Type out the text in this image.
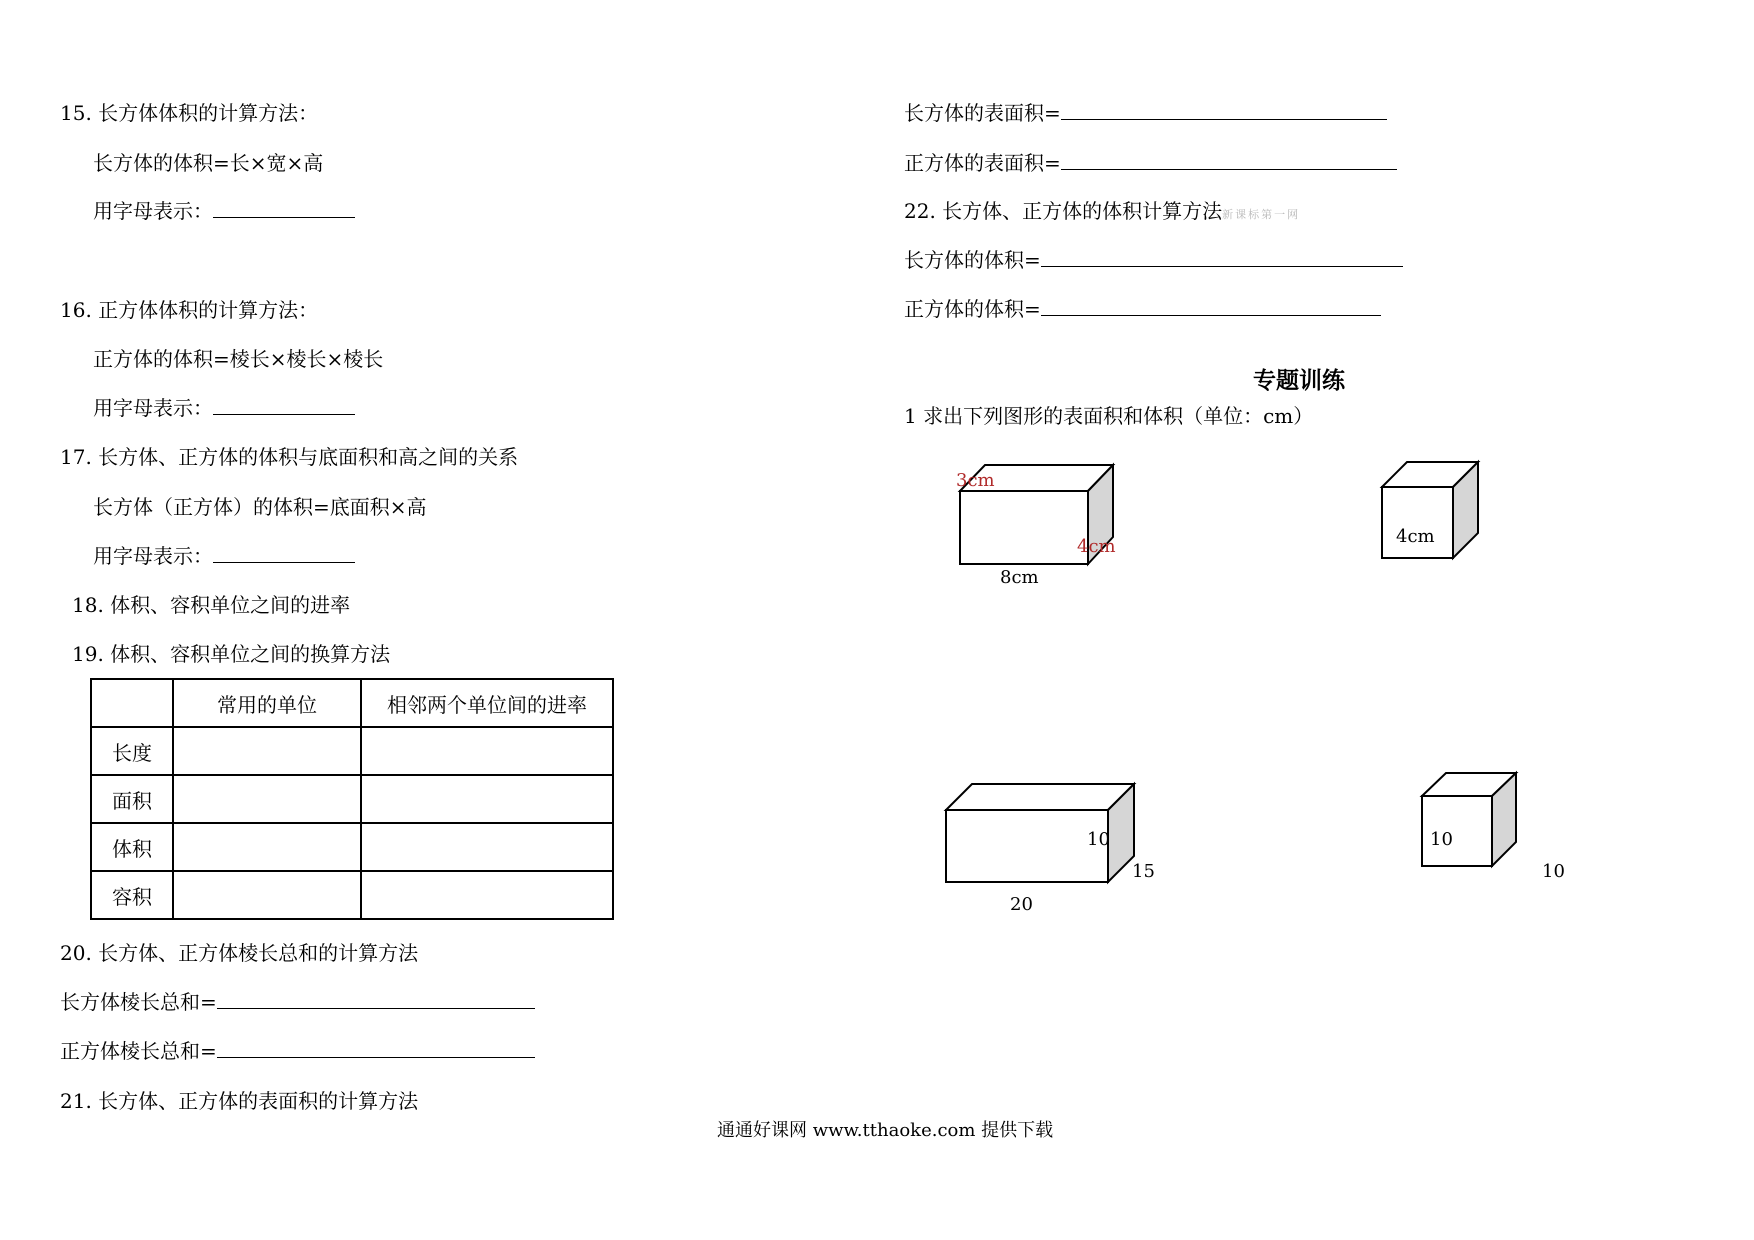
15. 长方体体积的计算方法：
长方体的体积=长×宽×高
用字母表示：
16. 正方体体积的计算方法：
正方体的体积=棱长×棱长×棱长
用字母表示：
17. 长方体、正方体的体积与底面积和高之间的关系
长方体（正方体）的体积=底面积×高
用字母表示：
18. 体积、容积单位之间的进率
19. 体积、容积单位之间的换算方法
	常用的单位	相邻两个单位间的进率
长度		
面积		
体积		
容积		
20. 长方体、正方体棱长总和的计算方法
长方体棱长总和=
正方体棱长总和=
21. 长方体、正方体的表面积的计算方法
长方体的表面积=
正方体的表面积=
22. 长方体、正方体的体积计算方法新课标第一网
长方体的体积=
正方体的体积=
专题训练
1 求出下列图形的表面积和体积（单位：cm）
3cm
4cm
8cm
4cm
10
15
20
10
10
通通好课网 www.tthaoke.com 提供下载
